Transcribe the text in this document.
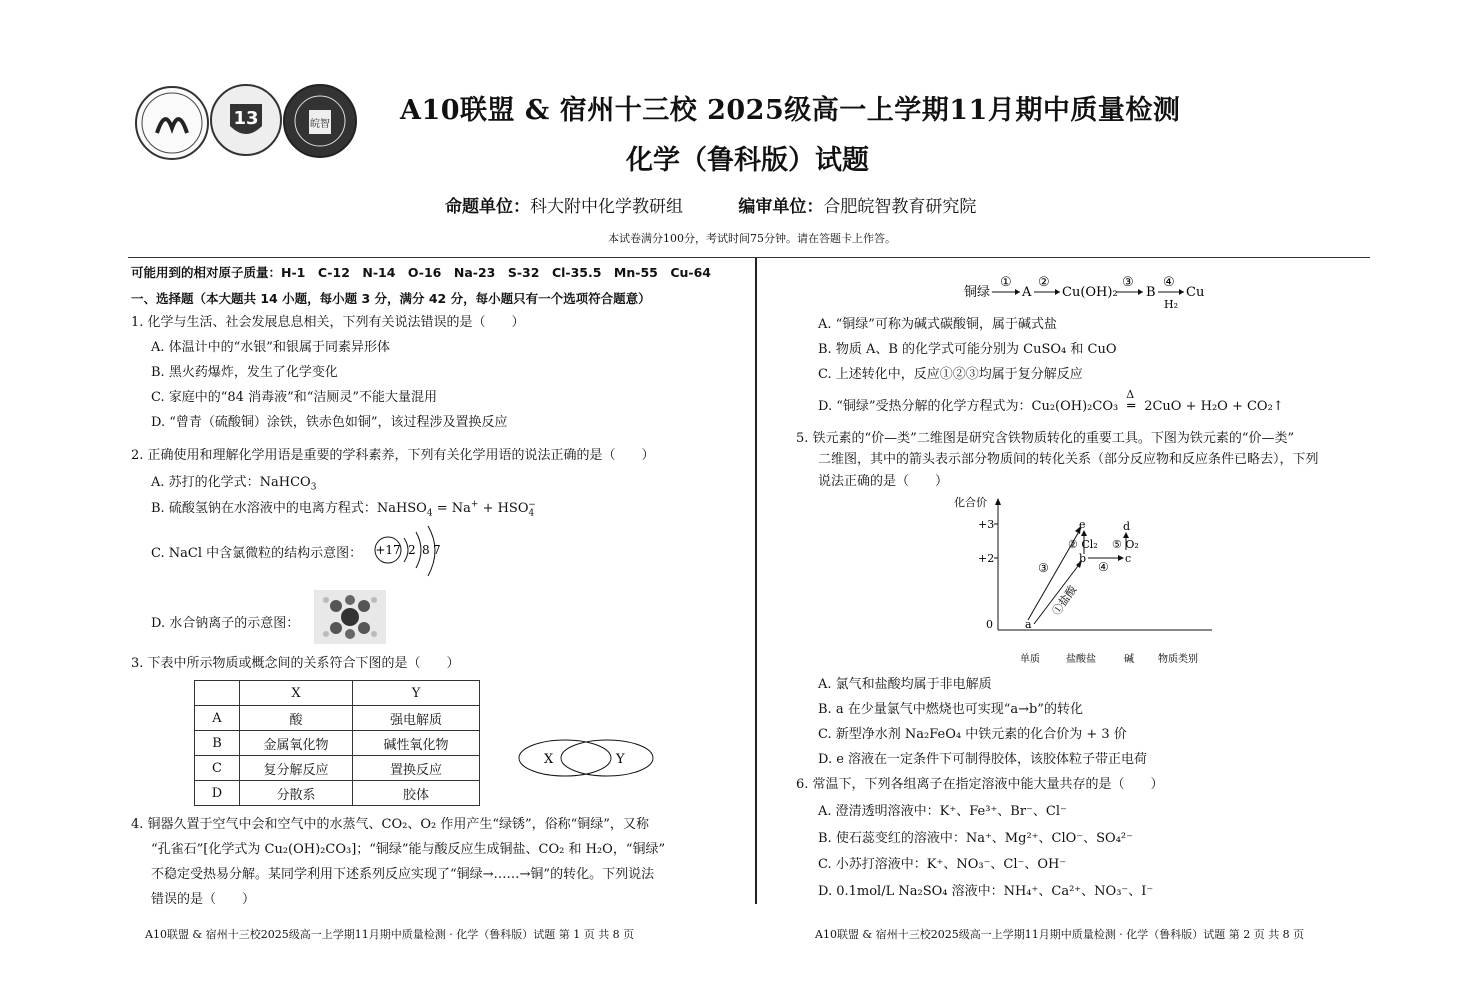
13	皖智	A10联盟 & 宿州十三校 2025级高一上学期11月期中质量检测
化学（鲁科版）试题
命题单位：科大附中化学教研组	编审单位：合肥皖智教育研究院
本试卷满分100分，考试时间75分钟。请在答题卡上作答。
可能用到的相对原子质量：H-1　C-12　N-14　O-16　Na-23　S-32　Cl-35.5　Mn-55　Cu-64
一、选择题（本大题共 14 小题，每小题 3 分，满分 42 分，每小题只有一个选项符合题意）
1. 化学与生活、社会发展息息相关，下列有关说法错误的是（　　）
A. 体温计中的“水银”和银属于同素异形体
B. 黑火药爆炸，发生了化学变化
C. 家庭中的“84 消毒液”和“洁厕灵”不能大量混用
D. “曾青（硫酸铜）涂铁，铁赤色如铜”，该过程涉及置换反应
2. 正确使用和理解化学用语是重要的学科素养，下列有关化学用语的说法正确的是（　　）
A. 苏打的化学式：NaHCO$_3$
B. 硫酸氢钠在水溶液中的电离方程式：NaHSO$_4$ = $Na^+ + HSO_4^-$
C. NaCl 中含氯微粒的结构示意图： +17 2 8 7
D. 水合钠离子的示意图：
3. 下表中所示物质或概念间的关系符合下图的是（　　）
	X	Y
A	酸	强电解质
B	金属氧化物	碱性氧化物
C	复分解反应	置换反应
D	分散系	胶体
X	Y
4. 铜器久置于空气中会和空气中的水蒸气、CO₂、O₂ 作用产生“绿锈”，俗称“铜绿”，又称
“孔雀石”[化学式为 Cu₂(OH)₂CO₃]；“铜绿”能与酸反应生成铜盐、CO₂ 和 H₂O，“铜绿”
不稳定受热易分解。某同学利用下述系列反应实现了“铜绿→……→铜”的转化。下列说法
错误的是（　　）
A10联盟 & 宿州十三校2025级高一上学期11月期中质量检测 · 化学（鲁科版）试题 第 1 页 共 8 页
铜绿
①
A
②
Cu(OH)₂
③
B
④
H₂
Cu
A. “铜绿”可称为碱式碳酸铜，属于碱式盐
B. 物质 A、B 的化学式可能分别为 CuSO₄ 和 CuO
C. 上述转化中，反应①②③均属于复分解反应
D. “铜绿”受热分解的化学方程式为：Cu₂(OH)₂CO₃
Δ
═ 2CuO + H₂O + CO₂↑
5. 铁元素的“价—类”二维图是研究含铁物质转化的重要工具。下图为铁元素的“价—类”
二维图，其中的箭头表示部分物质间的转化关系（部分反应物和反应条件已略去），下列
说法正确的是（　　）
化合价
物质类别
+3
+2
0
单质	盐酸盐	碱
a
b
e
c
d
①盐酸
② Cl₂
③	④
⑤ O₂
A. 氯气和盐酸均属于非电解质
B. a 在少量氯气中燃烧也可实现“a→b”的转化
C. 新型净水剂 Na₂FeO₄ 中铁元素的化合价为 + 3 价
D. e 溶液在一定条件下可制得胶体，该胶体粒子带正电荷
6. 常温下，下列各组离子在指定溶液中能大量共存的是（　　）
A. 澄清透明溶液中：K⁺、Fe³⁺、Br⁻、Cl⁻
B. 使石蕊变红的溶液中：Na⁺、Mg²⁺、ClO⁻、SO₄²⁻
C. 小苏打溶液中：K⁺、NO₃⁻、Cl⁻、OH⁻
D. 0.1mol/L Na₂SO₄ 溶液中：NH₄⁺、Ca²⁺、NO₃⁻、I⁻
A10联盟 & 宿州十三校2025级高一上学期11月期中质量检测 · 化学（鲁科版）试题 第 2 页 共 8 页
